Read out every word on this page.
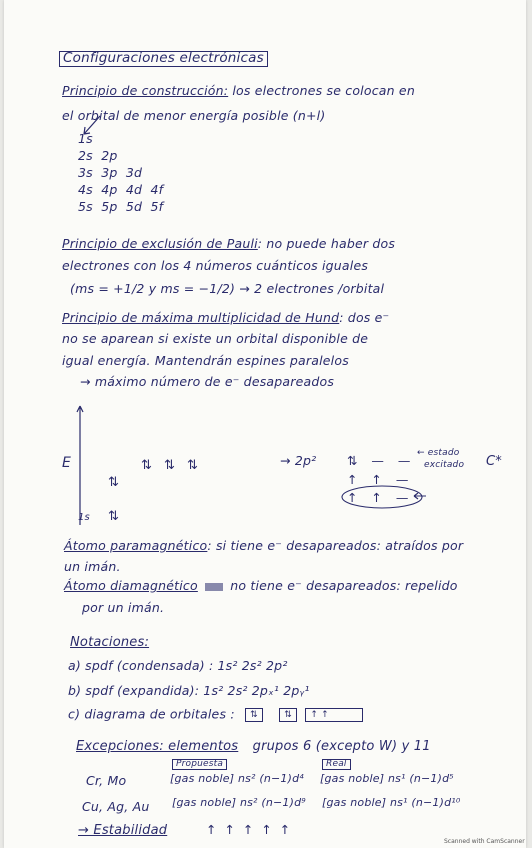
Configuraciones electrónicas
Principio de construcción: los electrones se colocan en
el orbital de menor energía posible (n+l)
1s
2s  2p
3s  3p  3d
4s  4p  4d  4f
5s  5p  5d  5f
Principio de exclusión de Pauli: no puede haber dos
electrones con los 4 números cuánticos iguales
(ms = +1/2 y ms = −1/2) → 2 electrones /orbital
Principio de máxima multiplicidad de Hund: dos e⁻
no se aparean si existe un orbital disponible de
igual energía. Mantendrán espines paralelos
→ máximo número de e⁻ desapareados
E
1s ⇅
⇅
⇅ ⇅ ⇅	→ 2p² ⇅  —  — ← estado
excitado C*
↑  ↑  —
↑  ↑  —
Átomo paramagnético: si tiene e⁻ desapareados: atraídos por
un imán.
Átomo diamagnético	no tiene e⁻ desapareados: repelido
por un imán.
Notaciones:
a) spdf (condensada) : 1s² 2s² 2p²
b) spdf (expandida): 1s² 2s² 2pₓ¹ 2pᵧ¹
c) diagrama de orbitales : ⇅	⇅ ↑ ↑
Excepciones: elementos grupos 6 (excepto W) y 11
Propuesta	Real
Cr, Mo	[gas noble] ns² (n−1)d⁴ [gas noble] ns¹ (n−1)d⁵
Cu, Ag, Au [gas noble] ns² (n−1)d⁹ [gas noble] ns¹ (n−1)d¹⁰
→ Estabilidad	↑ ↑ ↑ ↑ ↑
Scanned with CamScanner
